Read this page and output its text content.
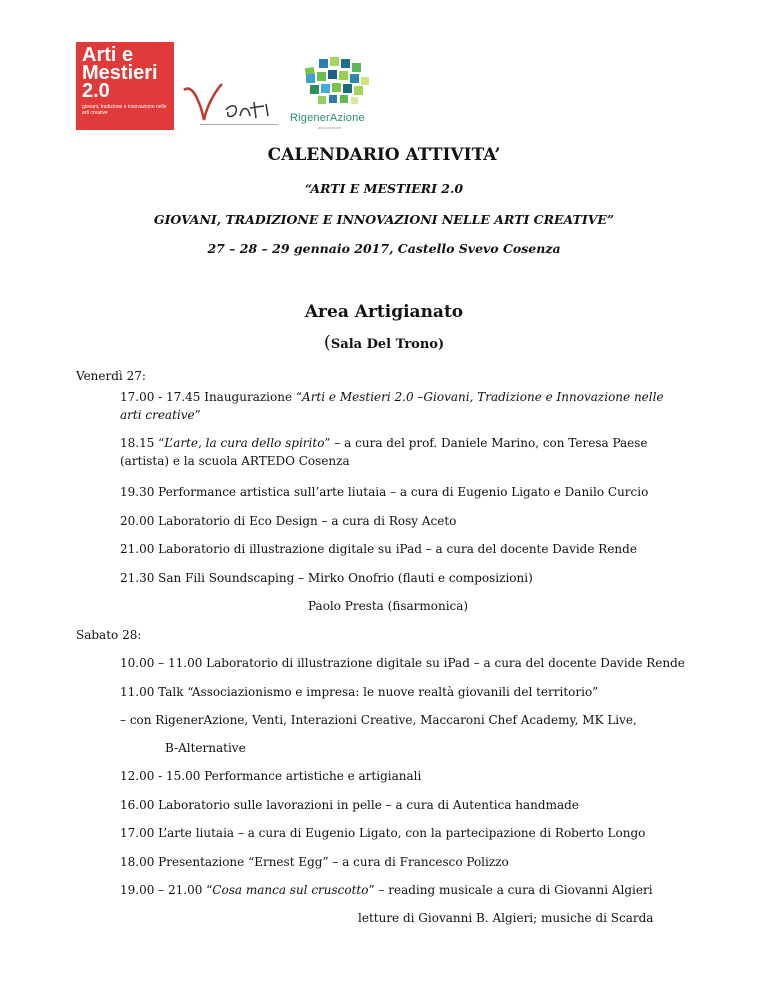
Arti e
Mestieri
2.0
giovani, tradizione e innovazione nelle arti creative	RigenerAzione
associazione
CALENDARIO ATTIVITA’
“ARTI E MESTIERI 2.0
GIOVANI, TRADIZIONE E INNOVAZIONI NELLE ARTI CREATIVE”
27 – 28 – 29 gennaio 2017, Castello Svevo Cosenza
Area Artigianato
(Sala Del Trono)
Venerdì 27:
17.00 - 17.45 Inaugurazione “Arti e Mestieri 2.0 –Giovani, Tradizione e Innovazione nelle arti creative”
18.15 “L’arte, la cura dello spirito” – a cura del prof. Daniele Marino, con Teresa Paese (artista) e la scuola ARTEDO Cosenza
19.30 Performance artistica sull’arte liutaia – a cura di Eugenio Ligato e Danilo Curcio
20.00 Laboratorio di Eco Design – a cura di Rosy Aceto
21.00 Laboratorio di illustrazione digitale su iPad – a cura del docente Davide Rende
21.30 San Fili Soundscaping – Mirko Onofrio (flauti e composizioni)
Paolo Presta (fisarmonica)
Sabato 28:
10.00 – 11.00 Laboratorio di illustrazione digitale su iPad – a cura del docente Davide Rende
11.00 Talk “Associazionismo e impresa: le nuove realtà giovanili del territorio”
– con RigenerAzione, Venti, Interazioni Creative, Maccaroni Chef Academy, MK Live,
B-Alternative
12.00 - 15.00 Performance artistiche e artigianali
16.00 Laboratorio sulle lavorazioni in pelle – a cura di Autentica handmade
17.00 L’arte liutaia – a cura di Eugenio Ligato, con la partecipazione di Roberto Longo
18.00 Presentazione “Ernest Egg” – a cura di Francesco Polizzo
19.00 – 21.00 “Cosa manca sul cruscotto” – reading musicale a cura di Giovanni Algieri
letture di Giovanni B. Algieri; musiche di Scarda
